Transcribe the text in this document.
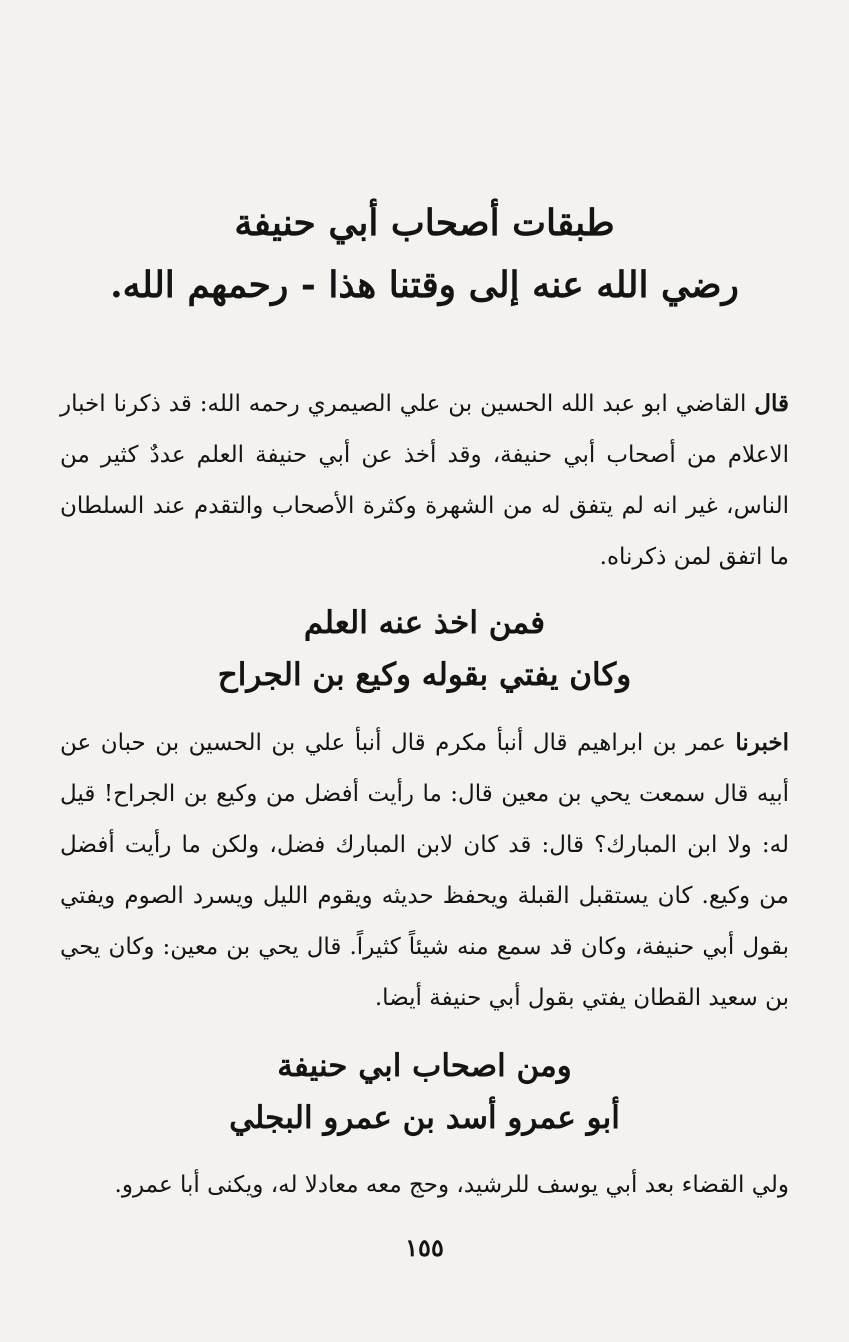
طبقات أصحاب أبي حنيفة

رضي الله عنه إلى وقتنا هذا - رحمهم الله.

قال القاضي ابو عبد الله الحسين بن علي الصيمري رحمه الله: قد ذكرنا اخبار الاعلام من أصحاب أبي حنيفة، وقد أخذ عن أبي حنيفة العلم عددٌ كثير من الناس، غير انه لم يتفق له من الشهرة وكثرة الأصحاب والتقدم عند السلطان ما اتفق لمن ذكرناه.

فمن اخذ عنه العلم

وكان يفتي بقوله وكيع بن الجراح

اخبرنا عمر بن ابراهيم قال أنبأ مكرم قال أنبأ علي بن الحسين بن حبان عن أبيه قال سمعت يحي بن معين قال: ما رأيت أفضل من وكيع بن الجراح! قيل له: ولا ابن المبارك؟ قال: قد كان لابن المبارك فضل، ولكن ما رأيت أفضل من وكيع. كان يستقبل القبلة ويحفظ حديثه ويقوم الليل ويسرد الصوم ويفتي بقول أبي حنيفة، وكان قد سمع منه شيئاً كثيراً. قال يحي بن معين: وكان يحي بن سعيد القطان يفتي بقول أبي حنيفة أيضا.

ومن اصحاب ابي حنيفة

أبو عمرو أسد بن عمرو البجلي

ولي القضاء بعد أبي يوسف للرشيد، وحج معه معادلا له، ويكنى أبا عمرو.

١٥٥
